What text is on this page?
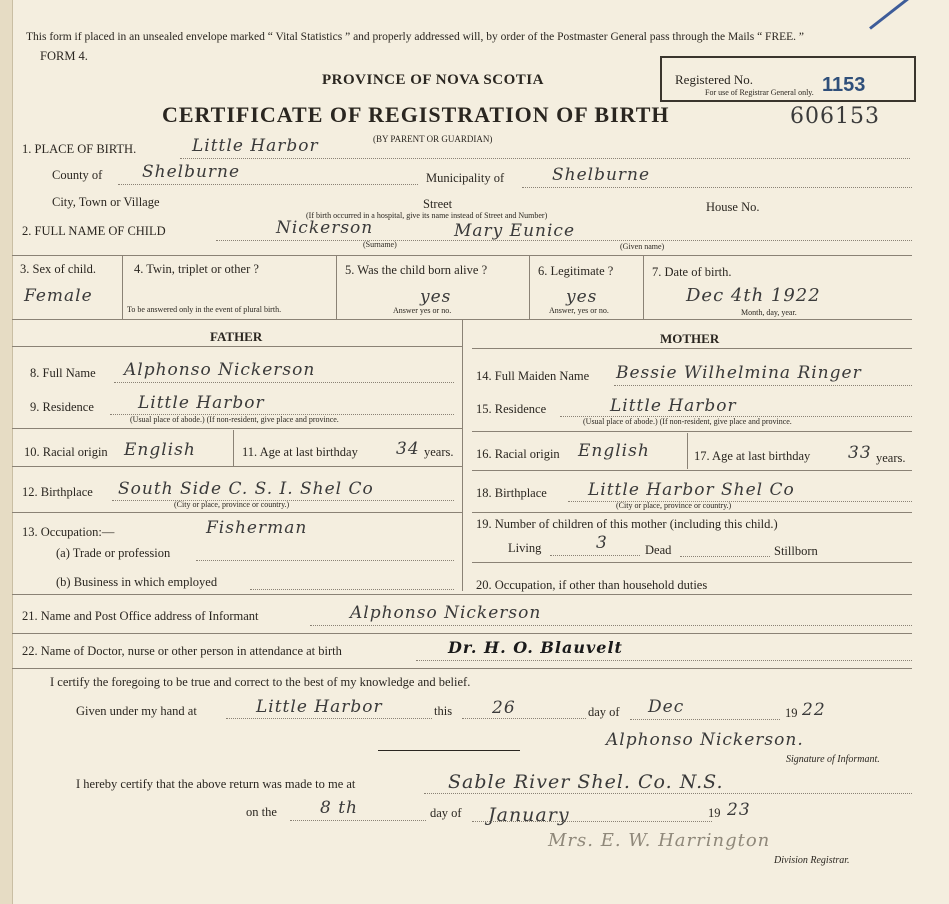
This form if placed in an unsealed envelope marked “ Vital Statistics ” and properly addressed will, by order of the Postmaster General pass through the Mails “ FREE. ”
FORM 4.
PROVINCE OF NOVA SCOTIA
CERTIFICATE OF REGISTRATION OF BIRTH
(BY PARENT OR GUARDIAN)
606153
Registered No.	1153
For use of Registrar General only.
1. PLACE OF BIRTH.	Little Harbor
County of Shelburne	Municipality of	Shelburne
City, Town or Village	Street	House No.
(If birth occurred in a hospital, give its name instead of Street and Number)
2. FULL NAME OF CHILD	Nickerson	Mary Eunice
(Surname)	(Given name)
3. Sex of child.
Female
4. Twin, triplet or other ?
To be answered only in the event of plural birth.
5. Was the child born alive ?
yes
Answer yes or no.
6. Legitimate ?
yes
Answer, yes or no.
7. Date of birth.
Dec 4th 1922
Month, day, year.
FATHER	MOTHER
8. Full Name Alphonso Nickerson
9. Residence	Little Harbor
(Usual place of abode.) (If non-resident, give place and province.
10. Racial origin English	11. Age at last birthday 34 years.
12. Birthplace South Side C. S. I. Shel Co
(City or place, province or country.)
13. Occupation:—	Fisherman
(a) Trade or profession
(b) Business in which employed
14. Full Maiden Name Bessie Wilhelmina Ringer
15. Residence	Little Harbor
(Usual place of abode.) (If non-resident, give place and province.
16. Racial origin English	17. Age at last birthday 33 years.
18. Birthplace Little Harbor Shel Co
(City or place, province or country.)
19. Number of children of this mother (including this child.)
Living	3	Dead	Stillborn
20. Occupation, if other than household duties
21. Name and Post Office address of Informant	Alphonso Nickerson
22. Name of Doctor, nurse or other person in attendance at birth	Dr. H. O. Blauvelt
I certify the foregoing to be true and correct to the best of my knowledge and belief.
Given under my hand at	Little Harbor	this 26	day of Dec	19 22
Alphonso Nickerson.
Signature of Informant.
I hereby certify that the above return was made to me at	Sable River Shel. Co. N.S.
on the	8 th	day of January	19 23
Mrs. E. W. Harrington
Division Registrar.
